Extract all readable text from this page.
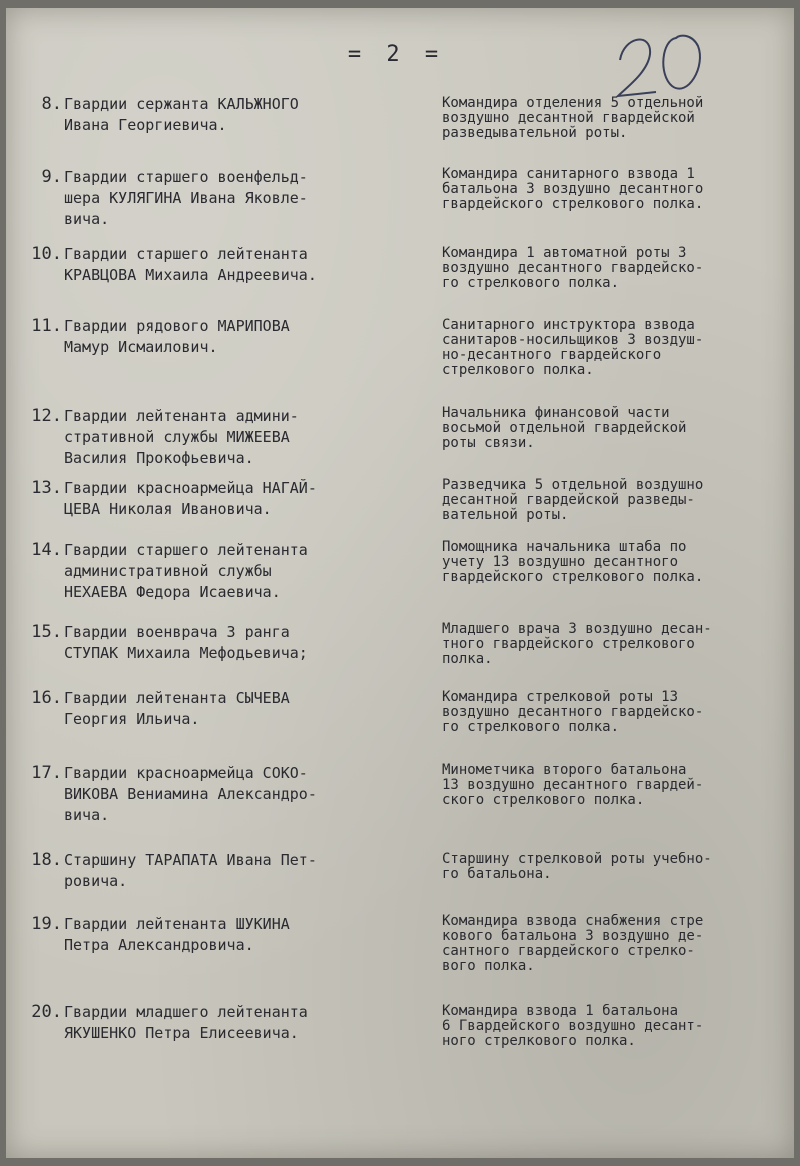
= 2 =
8. Гвардии сержанта КАЛЬЖНОГО
Ивана Георгиевича.
Командира отделения 5 отдельной
воздушно десантной гвардейской
разведывательной роты.
9. Гвардии старшего военфельд-
шера КУЛЯГИНА Ивана Яковле-
вича.
Командира санитарного взвода 1
батальона 3 воздушно десантного
гвардейского стрелкового полка.
10. Гвардии старшего лейтенанта
КРАВЦОВА Михаила Андреевича.
Командира 1 автоматной роты 3
воздушно десантного гвардейско-
го стрелкового полка.
11. Гвардии рядового МАРИПОВА
Мамур Исмаилович.
Санитарного инструктора взвода
санитаров-носильщиков 3 воздуш-
но-десантного гвардейского
стрелкового полка.
12. Гвардии лейтенанта админи-
стративной службы МИЖЕЕВА
Василия Прокофьевича.
Начальника финансовой части
восьмой отдельной гвардейской
роты связи.
13. Гвардии красноармейца НАГАЙ-
ЦЕВА Николая Ивановича.
Разведчика 5 отдельной воздушно
десантной гвардейской разведы-
вательной роты.
14. Гвардии старшего лейтенанта
административной службы
НЕХАЕВА Федора Исаевича.
Помощника начальника штаба по
учету 13 воздушно десантного
гвардейского стрелкового полка.
15. Гвардии военврача 3 ранга
СТУПАК Михаила Мефодьевича;
Младшего врача 3 воздушно десан-
тного гвардейского стрелкового
полка.
16. Гвардии лейтенанта СЫЧЕВА
Георгия Ильича.
Командира стрелковой роты 13
воздушно десантного гвардейско-
го стрелкового полка.
17. Гвардии красноармейца СОКО-
ВИКОВА Вениамина Александро-
вича.
Минометчика второго батальона
13 воздушно десантного гвардей-
ского стрелкового полка.
18. Старшину ТАРАПАТА Ивана Пет-
ровича.
Старшину стрелковой роты учебно-
го батальона.
19. Гвардии лейтенанта ШУКИНА
Петра Александровича.
Командира взвода снабжения стре
кового батальона 3 воздушно де-
сантного гвардейского стрелко-
вого полка.
20. Гвардии младшего лейтенанта
ЯКУШЕНКО Петра Елисеевича.
Командира взвода 1 батальона
6 Гвардейского воздушно десант-
ного стрелкового полка.
